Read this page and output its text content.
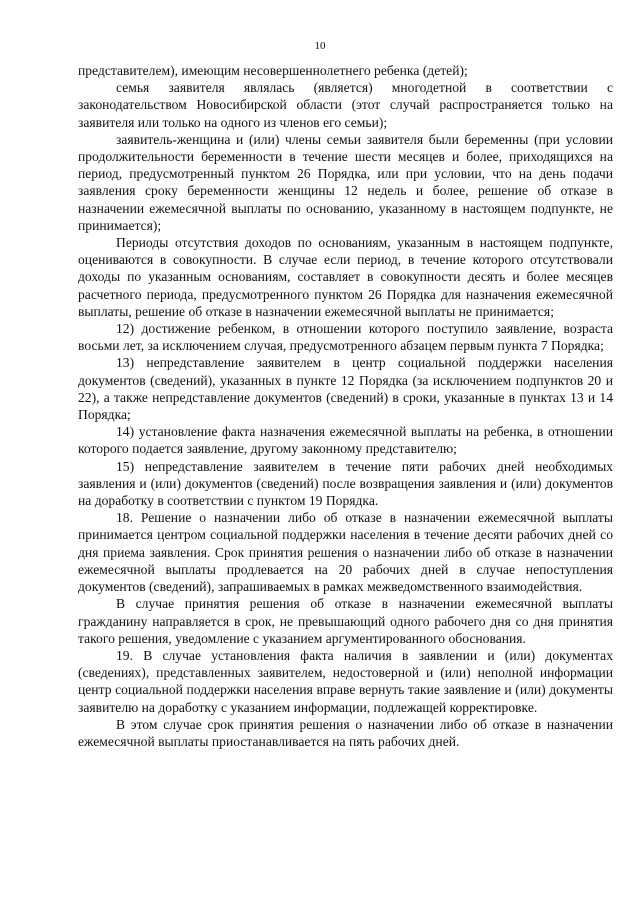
10

представителем), имеющим несовершеннолетнего ребенка (детей);

семья заявителя являлась (является) многодетной в соответствии с законодательством Новосибирской области (этот случай распространяется только на заявителя или только на одного из членов его семьи);

заявитель-женщина и (или) члены семьи заявителя были беременны (при условии продолжительности беременности в течение шести месяцев и более, приходящихся на период, предусмотренный пунктом 26 Порядка, или при условии, что на день подачи заявления сроку беременности женщины 12 недель и более, решение об отказе в назначении ежемесячной выплаты по основанию, указанному в настоящем подпункте, не принимается);

Периоды отсутствия доходов по основаниям, указанным в настоящем подпункте, оцениваются в совокупности. В случае если период, в течение которого отсутствовали доходы по указанным основаниям, составляет в совокупности десять и более месяцев расчетного периода, предусмотренного пунктом 26 Порядка для назначения ежемесячной выплаты, решение об отказе в назначении ежемесячной выплаты не принимается;

12) достижение ребенком, в отношении которого поступило заявление, возраста восьми лет, за исключением случая, предусмотренного абзацем первым пункта 7 Порядка;

13) непредставление заявителем в центр социальной поддержки населения документов (сведений), указанных в пункте 12 Порядка (за исключением подпунктов 20 и 22), а также непредставление документов (сведений) в сроки, указанные в пунктах 13 и 14 Порядка;

14) установление факта назначения ежемесячной выплаты на ребенка, в отношении которого подается заявление, другому законному представителю;

15) непредставление заявителем в течение пяти рабочих дней необходимых заявления и (или) документов (сведений) после возвращения заявления и (или) документов на доработку в соответствии с пунктом 19 Порядка.

18. Решение о назначении либо об отказе в назначении ежемесячной выплаты принимается центром социальной поддержки населения в течение десяти рабочих дней со дня приема заявления. Срок принятия решения о назначении либо об отказе в назначении ежемесячной выплаты продлевается на 20 рабочих дней в случае непоступления документов (сведений), запрашиваемых в рамках межведомственного взаимодействия.

В случае принятия решения об отказе в назначении ежемесячной выплаты гражданину направляется в срок, не превышающий одного рабочего дня со дня принятия такого решения, уведомление с указанием аргументированного обоснования.

19. В случае установления факта наличия в заявлении и (или) документах (сведениях), представленных заявителем, недостоверной и (или) неполной информации центр социальной поддержки населения вправе вернуть такие заявление и (или) документы заявителю на доработку с указанием информации, подлежащей корректировке.

В этом случае срок принятия решения о назначении либо об отказе в назначении ежемесячной выплаты приостанавливается на пять рабочих дней.
